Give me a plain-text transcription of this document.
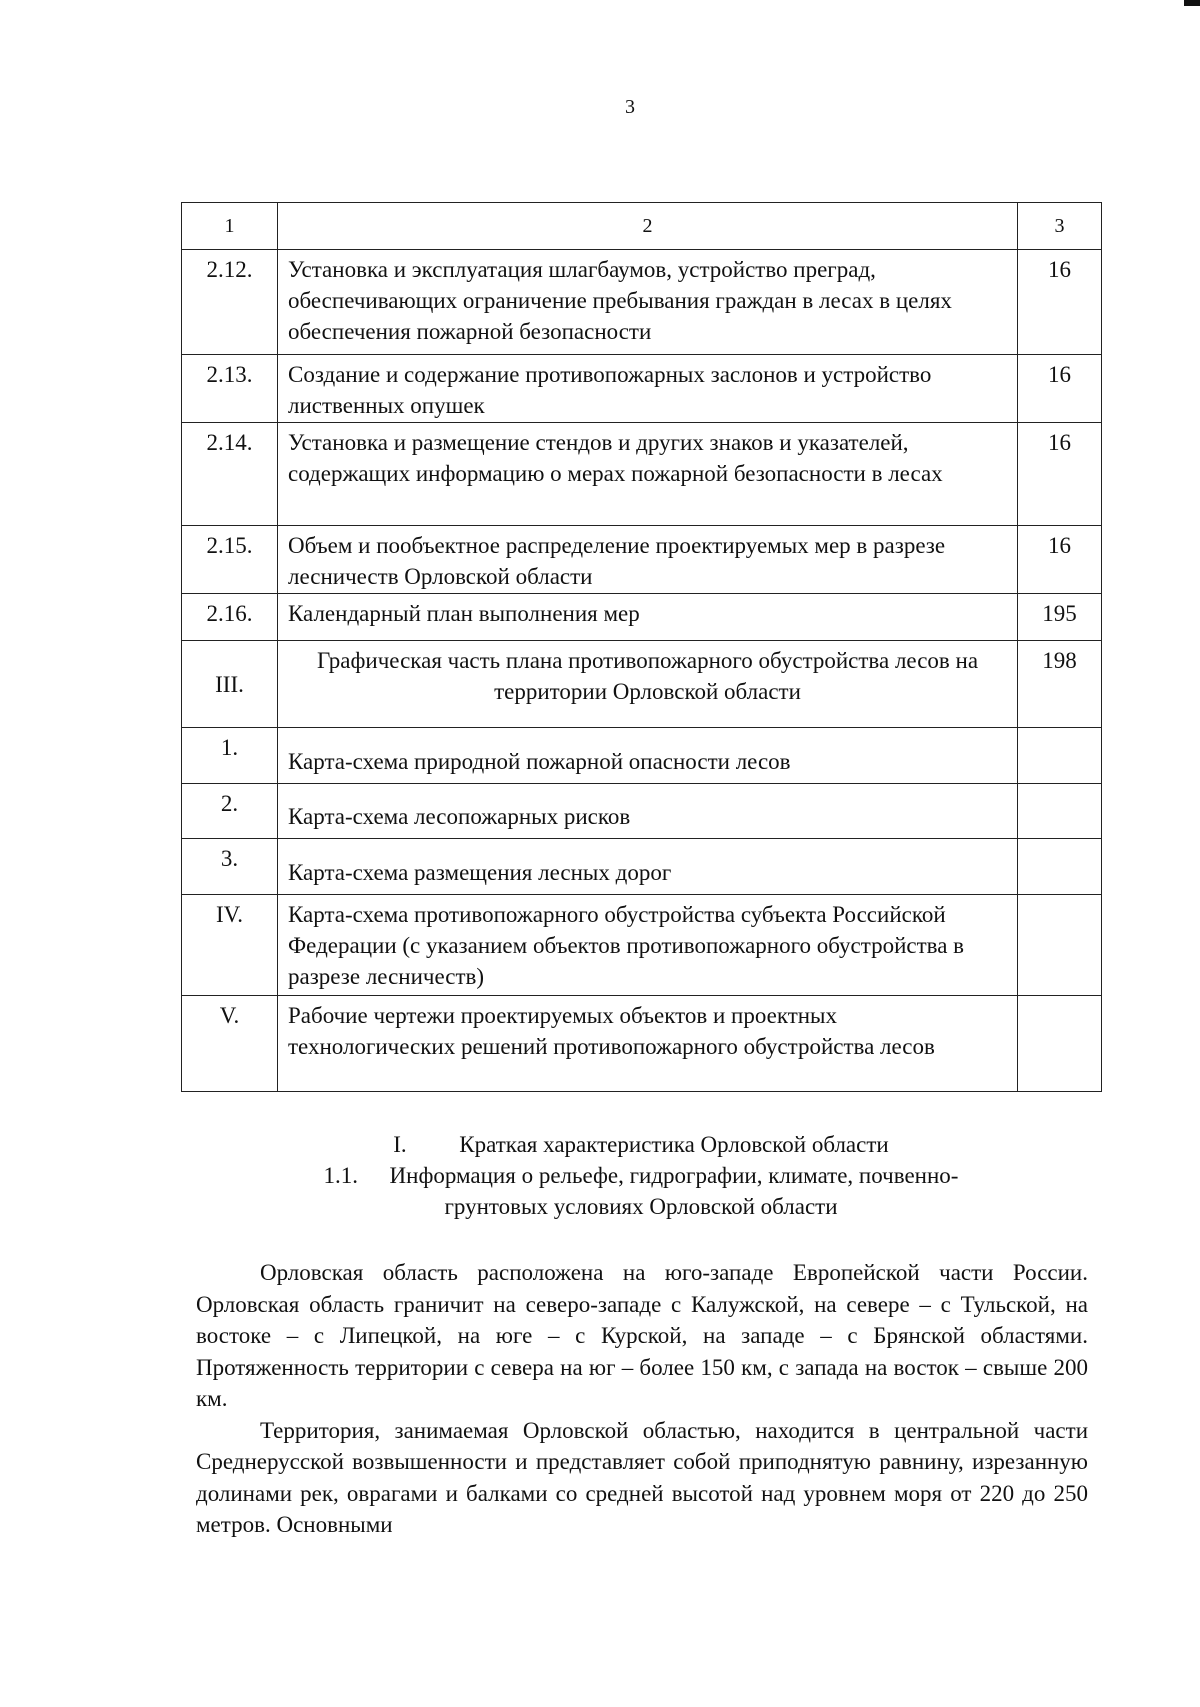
3
1	2	3
2.12.	Установка и эксплуатация шлагбаумов, устройство преград, обеспечивающих ограничение пребывания граждан в лесах в целях обеспечения пожарной безопасности	16
2.13.	Создание и содержание противопожарных заслонов и устройство лиственных опушек	16
2.14.	Установка и размещение стендов и других знаков и указателей, содержащих информацию о мерах пожарной безопасности в лесах	16
2.15.	Объем и пообъектное распределение проектируемых мер в разрезе лесничеств Орловской области	16
2.16.	Календарный план выполнения мер	195
III.	Графическая часть плана противопожарного обустройства лесов на территории Орловской области	198
1.	Карта-схема природной пожарной опасности лесов	
2.	Карта-схема лесопожарных рисков	
3.	Карта-схема размещения лесных дорог	
IV.	Карта-схема противопожарного обустройства субъекта Российской Федерации (с указанием объектов противопожарного обустройства в разрезе лесничеств)	
V.	Рабочие чертежи проектируемых объектов и проектных технологических решений противопожарного обустройства лесов	
I. Краткая характеристика Орловской области
1.1. Информация о рельефе, гидрографии, климате, почвенно-
грунтовых условиях Орловской области

Орловская область расположена на юго-западе Европейской части России. Орловская область граничит на северо-западе с Калужской, на севере – с Тульской, на востоке – с Липецкой, на юге – с Курской, на западе – с Брянской областями. Протяженность территории с севера на юг – более 150 км, с запада на восток – свыше 200 км.

Территория, занимаемая Орловской областью, находится в центральной части Среднерусской возвышенности и представляет собой приподнятую равнину, изрезанную долинами рек, оврагами и балками со средней высотой над уровнем моря от 220 до 250 метров. Основными
